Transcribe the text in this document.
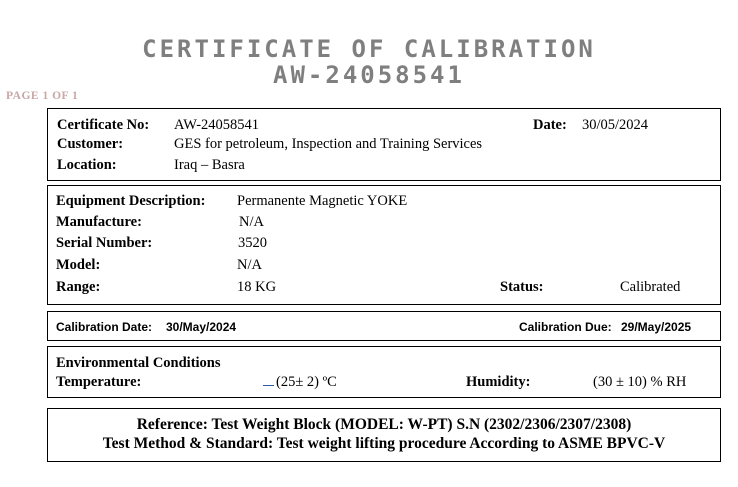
CERTIFICATE OF CALIBRATION
AW-24058541
PAGE 1 OF 1
Certificate No: AW-24058541	Date: 30/05/2024
Customer:	GES for petroleum, Inspection and Training Services
Location:	Iraq – Basra
Equipment Description: Permanente Magnetic YOKE
Manufacture:	N/A
Serial Number:	3520
Model:	N/A
Range:	18 KG	Status:	Calibrated
Calibration Date: 30/May/2024	Calibration Due: 29/May/2025
Environmental Conditions
Temperature:	(25± 2) ºC	Humidity:	(30 ± 10) % RH
Reference: Test Weight Block (MODEL: W-PT) S.N (2302/2306/2307/2308)
Test Method & Standard: Test weight lifting procedure According to ASME BPVC-V
